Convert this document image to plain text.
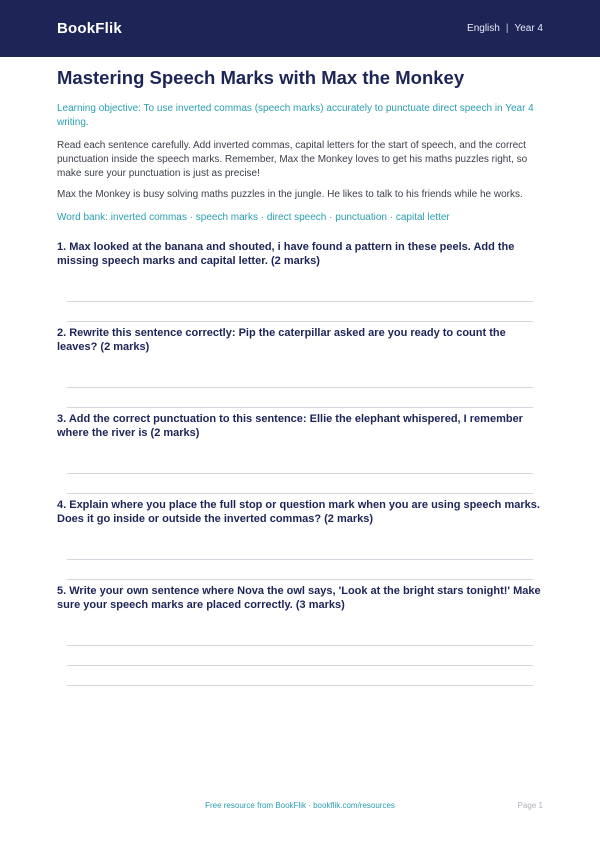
BookFlik	English | Year 4
Mastering Speech Marks with Max the Monkey

Learning objective: To use inverted commas (speech marks) accurately to punctuate direct speech in Year 4 writing.

Read each sentence carefully. Add inverted commas, capital letters for the start of speech, and the correct punctuation inside the speech marks. Remember, Max the Monkey loves to get his maths puzzles right, so make sure your punctuation is just as precise!

Max the Monkey is busy solving maths puzzles in the jungle. He likes to talk to his friends while he works.

Word bank: inverted commas · speech marks · direct speech · punctuation · capital letter

1. Max looked at the banana and shouted, i have found a pattern in these peels. Add the missing speech marks and capital letter. (2 marks)

2. Rewrite this sentence correctly: Pip the caterpillar asked are you ready to count the leaves? (2 marks)

3. Add the correct punctuation to this sentence: Ellie the elephant whispered, I remember where the river is (2 marks)

4. Explain where you place the full stop or question mark when you are using speech marks. Does it go inside or outside the inverted commas? (2 marks)

5. Write your own sentence where Nova the owl says, 'Look at the bright stars tonight!' Make sure your speech marks are placed correctly. (3 marks)

Free resource from BookFlik · bookflik.com/resources	Page 1
